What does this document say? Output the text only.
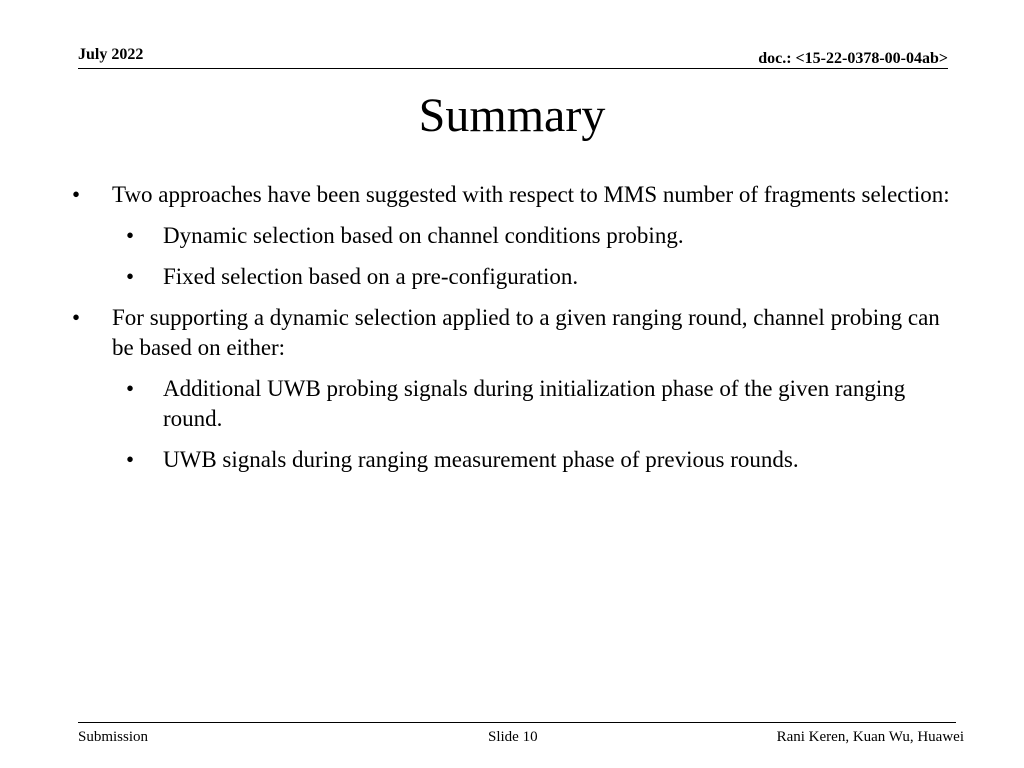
July 2022	doc.: <15-22-0378-00-04ab>
Summary
• Two approaches have been suggested with respect to MMS number of fragments selection:
• Dynamic selection based on channel conditions probing.
• Fixed selection based on a pre-configuration.
• For supporting a dynamic selection applied to a given ranging round, channel probing can be based on either:
• Additional UWB probing signals during initialization phase of the given ranging round.
• UWB signals during ranging measurement phase of previous rounds.
Submission	Slide 10	Rani Keren, Kuan Wu, Huawei
